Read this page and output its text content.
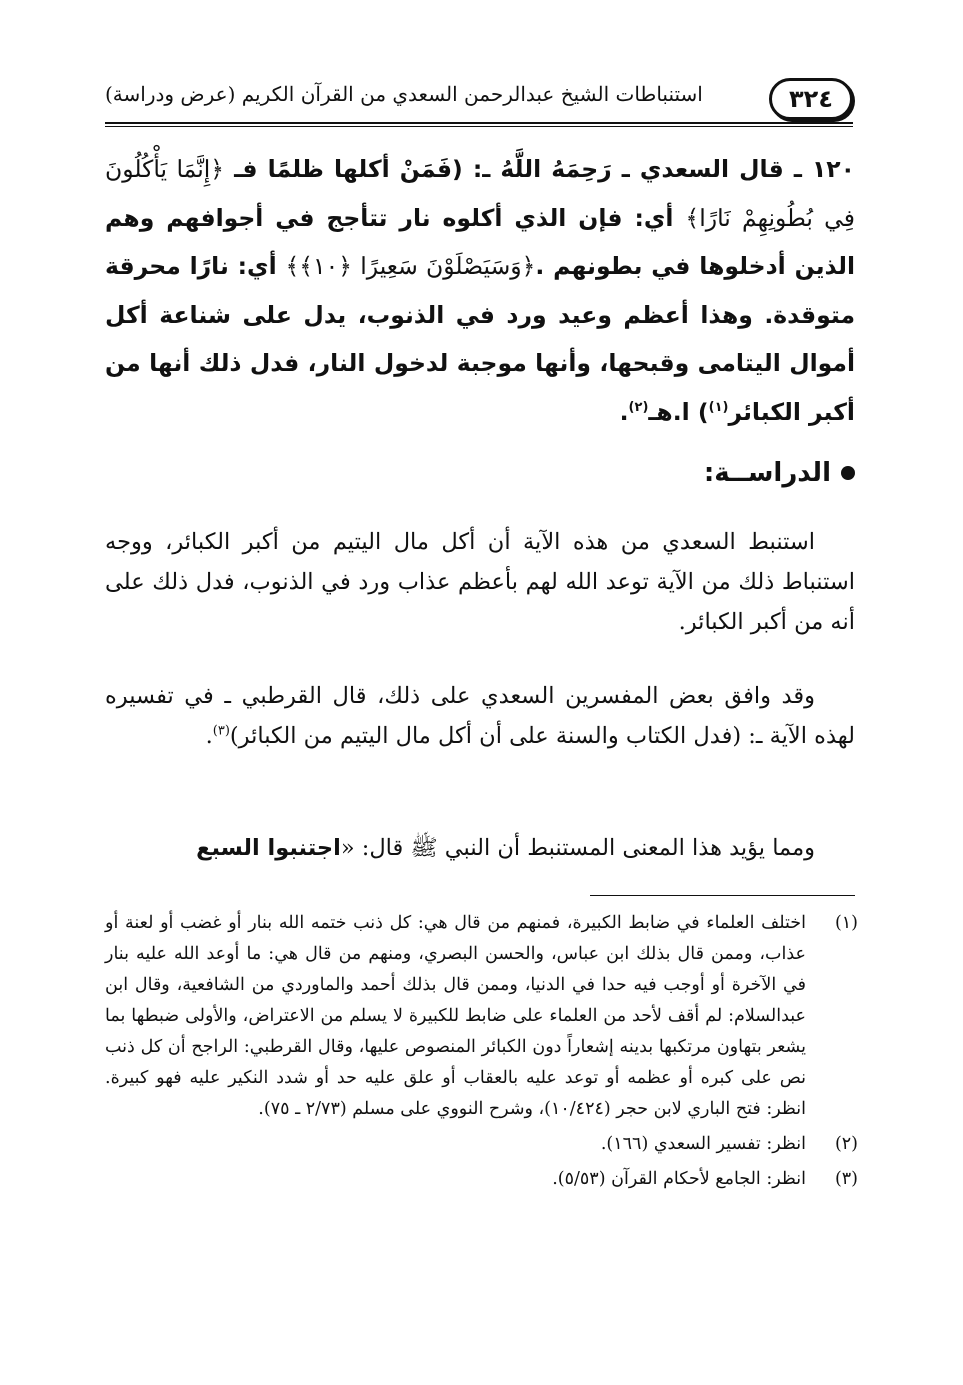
٣٢٤
استنباطات الشيخ عبدالرحمن السعدي من القرآن الكريم (عرض ودراسة)
١٢٠ ـ قال السعدي ـ رَحِمَهُ اللَّهُ ـ: (فَمَنْ أكلها ظلمًا فـ ﴿إِنَّمَا يَأْكُلُونَ فِي بُطُونِهِمْ نَارًا﴾ أي: فإن الذي أكلوه نار تتأجج في أجوافهم وهم الذين أدخلوها في بطونهم .﴿وَسَيَصْلَوْنَ سَعِيرًا ﴿١٠﴾﴾ أي: نارًا محرقة متوقدة. وهذا أعظم وعيد ورد في الذنوب، يدل على شناعة أكل أموال اليتامى وقبحها، وأنها موجبة لدخول النار، فدل ذلك أنها من أكبر الكبائر$^{(١)}$) ا.هـ$^{(٢)}$.
الدراســة:
استنبط السعدي من هذه الآية أن أكل مال اليتيم من أكبر الكبائر، ووجه استنباط ذلك من الآية توعد الله لهم بأعظم عذاب ورد في الذنوب، فدل ذلك على أنه من أكبر الكبائر.
وقد وافق بعض المفسرين السعدي على ذلك، قال القرطبي ـ في تفسيره لهذه الآية ـ: (فدل الكتاب والسنة على أن أكل مال اليتيم من الكبائر)$^{(٣)}$.
ومما يؤيد هذا المعنى المستنبط أن النبي ﷺ قال: «اجتنبوا السبع
(١)
اختلف العلماء في ضابط الكبيرة، فمنهم من قال هي: كل ذنب ختمه الله بنار أو غضب أو لعنة أو عذاب، وممن قال بذلك ابن عباس، والحسن البصري، ومنهم من قال هي: ما أوعد الله عليه بنار في الآخرة أو أوجب فيه حدا في الدنيا، وممن قال بذلك أحمد والماوردي من الشافعية، وقال ابن عبدالسلام: لم أقف لأحد من العلماء على ضابط للكبيرة لا يسلم من الاعتراض، والأولى ضبطها بما يشعر بتهاون مرتكبها بدينه إشعاراً دون الكبائر المنصوص عليها، وقال القرطبي: الراجح أن كل ذنب نص على كبره أو عظمه أو توعد عليه بالعقاب أو علق عليه حد أو شدد النكير عليه فهو كبيرة. انظر: فتح الباري لابن حجر (١٠/٤٢٤)، وشرح النووي على مسلم (٢/٧٣ ـ ٧٥).
(٢)
انظر: تفسير السعدي (١٦٦).
(٣)
انظر: الجامع لأحكام القرآن (٥/٥٣).
